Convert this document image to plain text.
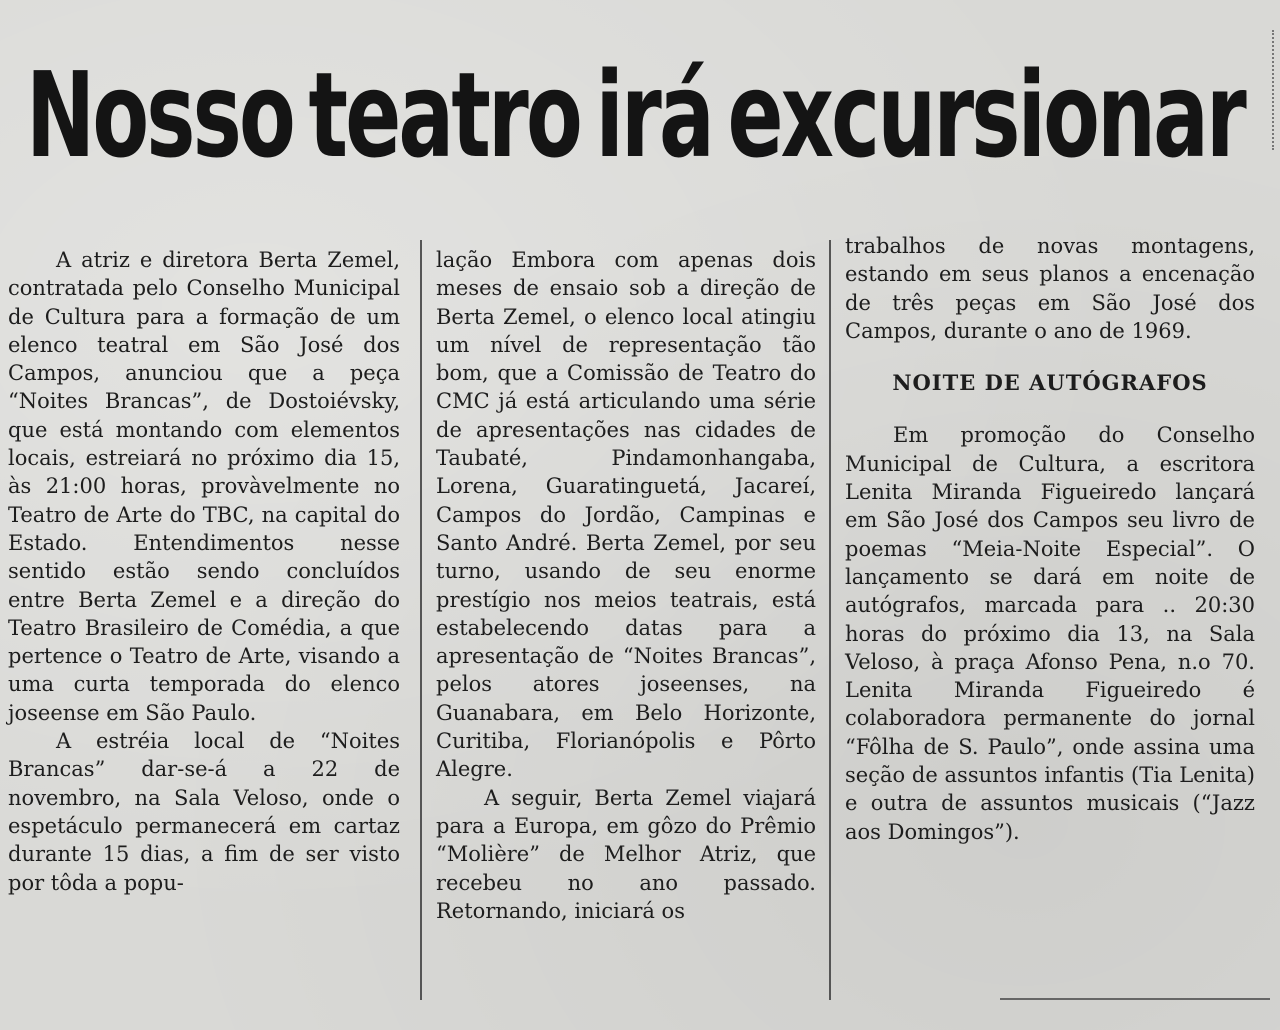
Nosso teatro irá excursionar

A atriz e diretora Berta Zemel, contratada pelo Conselho Municipal de Cultura para a formação de um elenco teatral em São José dos Campos, anunciou que a peça “Noites Brancas”, de Dostoiévsky, que está montando com elementos locais, estreiará no próximo dia 15, às 21:00 horas, provàvelmente no Teatro de Arte do TBC, na capital do Estado. Entendimentos nesse sentido estão sendo concluídos entre Berta Zemel e a direção do Teatro Brasileiro de Comédia, a que pertence o Teatro de Arte, visando a uma curta temporada do elenco joseense em São Paulo.

A estréia local de “Noites Brancas” dar-se-á a 22 de novembro, na Sala Veloso, onde o espetáculo permanecerá em cartaz durante 15 dias, a fim de ser visto por tôda a popu-

lação Embora com apenas dois meses de ensaio sob a direção de Berta Zemel, o elenco local atingiu um nível de representação tão bom, que a Comissão de Teatro do CMC já está articulando uma série de apresentações nas cidades de Taubaté, Pindamonhangaba, Lorena, Guaratinguetá, Jacareí, Campos do Jordão, Campinas e Santo André. Berta Zemel, por seu turno, usando de seu enorme prestígio nos meios teatrais, está estabelecendo datas para a apresentação de “Noites Brancas”, pelos atores joseenses, na Guanabara, em Belo Horizonte, Curitiba, Florianópolis e Pôrto Alegre.

A seguir, Berta Zemel viajará para a Europa, em gôzo do Prêmio “Molière” de Melhor Atriz, que recebeu no ano passado. Retornando, iniciará os

trabalhos de novas montagens, estando em seus planos a encenação de três peças em São José dos Campos, durante o ano de 1969.

NOITE DE AUTÓGRAFOS

Em promoção do Conselho Municipal de Cultura, a escritora Lenita Miranda Figueiredo lançará em São José dos Campos seu livro de poemas “Meia-Noite Especial”. O lançamento se dará em noite de autógrafos, marcada para .. 20:30 horas do próximo dia 13, na Sala Veloso, à praça Afonso Pena, n.o 70. Lenita Miranda Figueiredo é colaboradora permanente do jornal “Fôlha de S. Paulo”, onde assina uma seção de assuntos infantis (Tia Lenita) e outra de assuntos musicais (“Jazz aos Domingos”).
